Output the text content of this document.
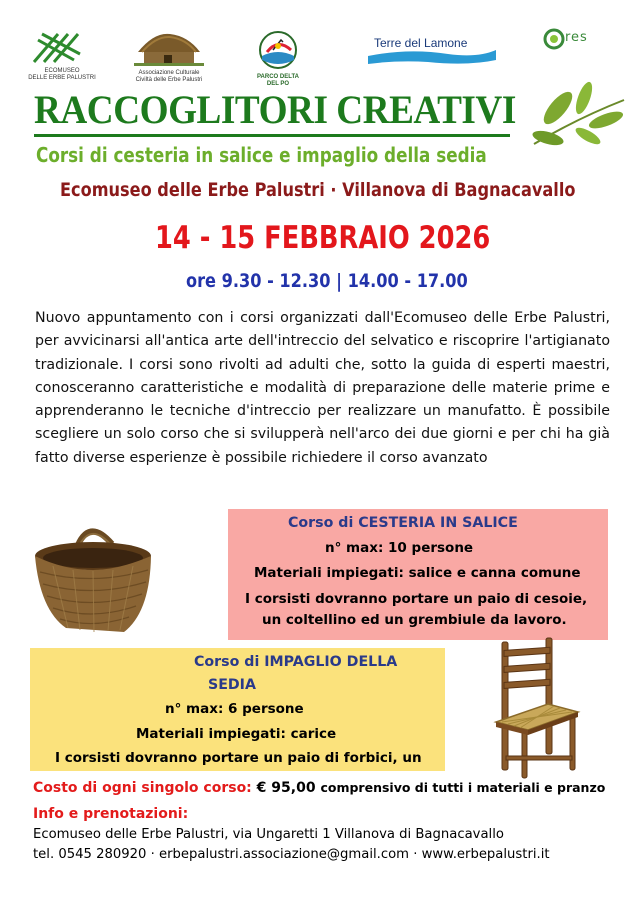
ECOMUSEO
DELLE ERBE PALUSTRI
Associazione Culturale
Civiltà delle Erbe Palustri	PARCO DELTA DEL PO
Terre del Lamone	res
RACCOGLITORI CREATIVI
Corsi di cesteria in salice e impaglio della sedia
Ecomuseo delle Erbe Palustri · Villanova di Bagnacavallo
14 - 15 FEBBRAIO 2026
ore 9.30 - 12.30 | 14.00 - 17.00
Nuovo appuntamento con i corsi organizzati dall'Ecomuseo delle Erbe Palustri, per avvicinarsi all'antica arte dell'intreccio del selvatico e riscoprire l'artigianato tradizionale. I corsi sono rivolti ad adulti che, sotto la guida di esperti maestri, conosceranno caratteristiche e modalità di preparazione delle materie prime e apprenderanno le tecniche d'intreccio per realizzare un manufatto. È possibile scegliere un solo corso che si svilupperà nell'arco dei due giorni e per chi ha già fatto diverse esperienze è possibile richiedere il corso avanzato
Corso di CESTERIA IN SALICE
n° max: 10 persone
Materiali impiegati: salice e canna comune
I corsisti dovranno portare un paio di cesoie,
un coltellino ed un grembiule da lavoro.
Corso di IMPAGLIO DELLA
SEDIA
n° max: 6 persone
Materiali impiegati: carice
I corsisti dovranno portare un paio di forbici, un
Costo di ogni singolo corso: € 95,00 comprensivo di tutti i materiali e pranzo
Info e prenotazioni:
Ecomuseo delle Erbe Palustri, via Ungaretti 1 Villanova di Bagnacavallo
tel. 0545 280920 · erbepalustri.associazione@gmail.com · www.erbepalustri.it
